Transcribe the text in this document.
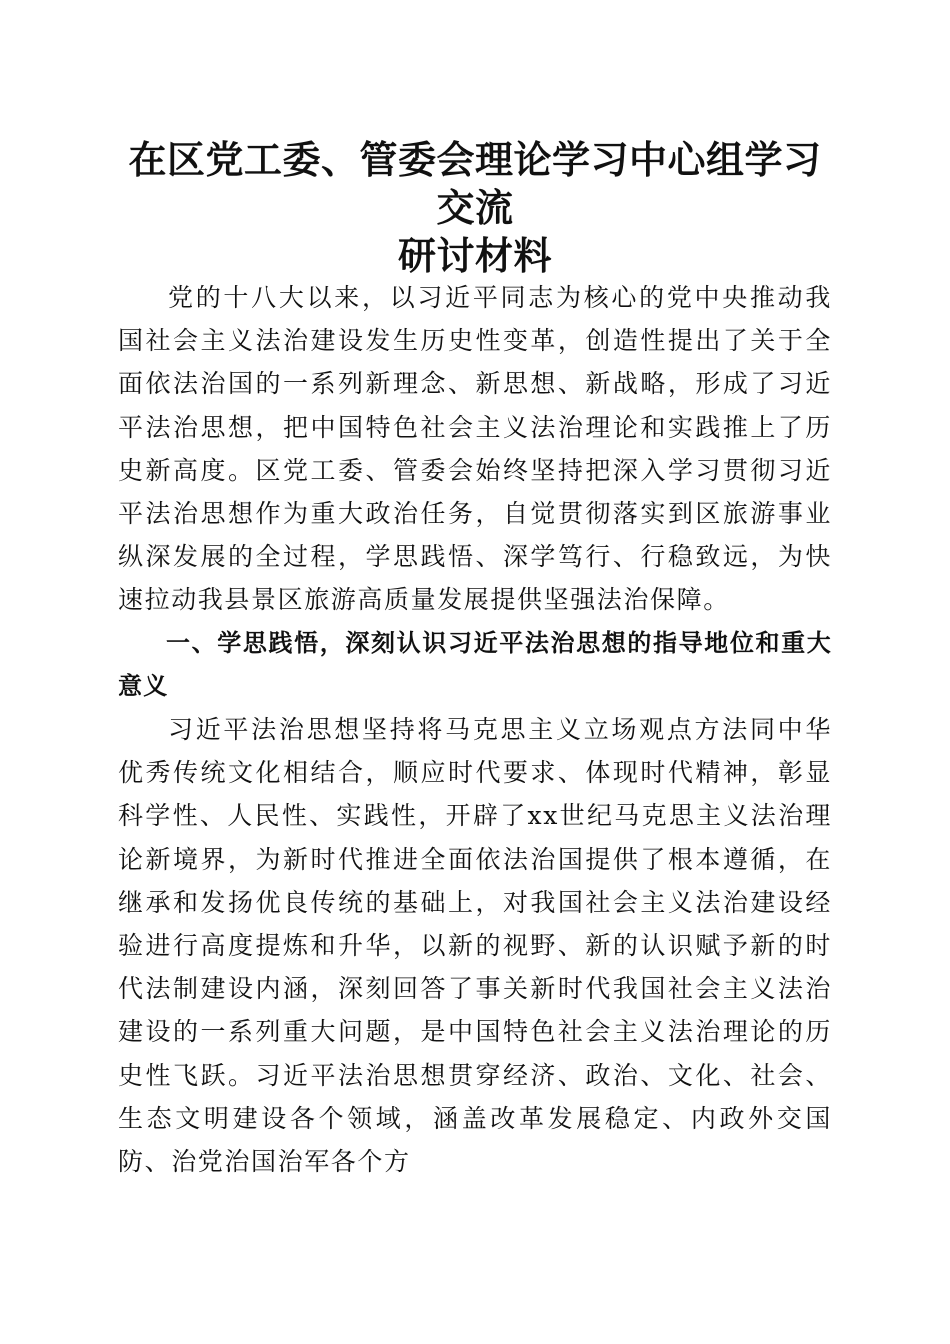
在区党工委、管委会理论学习中心组学习交流
研讨材料

党的十八大以来，以习近平同志为核心的党中央推动我国社会主义法治建设发生历史性变革，创造性提出了关于全面依法治国的一系列新理念、新思想、新战略，形成了习近平法治思想，把中国特色社会主义法治理论和实践推上了历史新高度。区党工委、管委会始终坚持把深入学习贯彻习近平法治思想作为重大政治任务，自觉贯彻落实到区旅游事业纵深发展的全过程，学思践悟、深学笃行、行稳致远，为快速拉动我县景区旅游高质量发展提供坚强法治保障。

一、学思践悟，深刻认识习近平法治思想的指导地位和重大意义

习近平法治思想坚持将马克思主义立场观点方法同中华优秀传统文化相结合，顺应时代要求、体现时代精神，彰显科学性、人民性、实践性，开辟了xx世纪马克思主义法治理论新境界，为新时代推进全面依法治国提供了根本遵循，在继承和发扬优良传统的基础上，对我国社会主义法治建设经验进行高度提炼和升华，以新的视野、新的认识赋予新的时代法制建设内涵，深刻回答了事关新时代我国社会主义法治建设的一系列重大问题，是中国特色社会主义法治理论的历史性飞跃。习近平法治思想贯穿经济、政治、文化、社会、生态文明建设各个领域，涵盖改革发展稳定、内政外交国防、治党治国治军各个方
